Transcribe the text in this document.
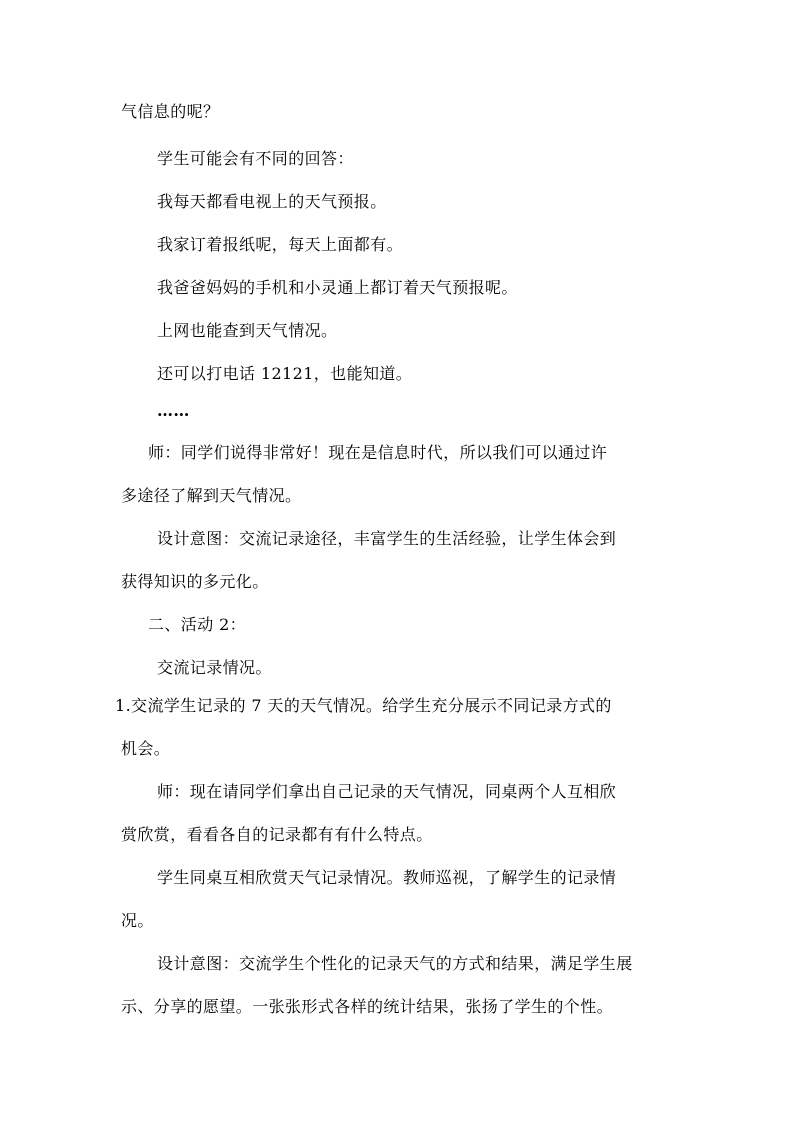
气信息的呢？
学生可能会有不同的回答：
我每天都看电视上的天气预报。
我家订着报纸呢，每天上面都有。
我爸爸妈妈的手机和小灵通上都订着天气预报呢。
上网也能查到天气情况。
还可以打电话 12121，也能知道。
……
师：同学们说得非常好！现在是信息时代，所以我们可以通过许
多途径了解到天气情况。
设计意图：交流记录途径，丰富学生的生活经验，让学生体会到
获得知识的多元化。
二、活动 2：
交流记录情况。
1.交流学生记录的 7 天的天气情况。给学生充分展示不同记录方式的
机会。
师：现在请同学们拿出自己记录的天气情况，同桌两个人互相欣
赏欣赏，看看各自的记录都有有什么特点。
学生同桌互相欣赏天气记录情况。教师巡视，了解学生的记录情
况。
设计意图：交流学生个性化的记录天气的方式和结果，满足学生展
示、分享的愿望。一张张形式各样的统计结果，张扬了学生的个性。
